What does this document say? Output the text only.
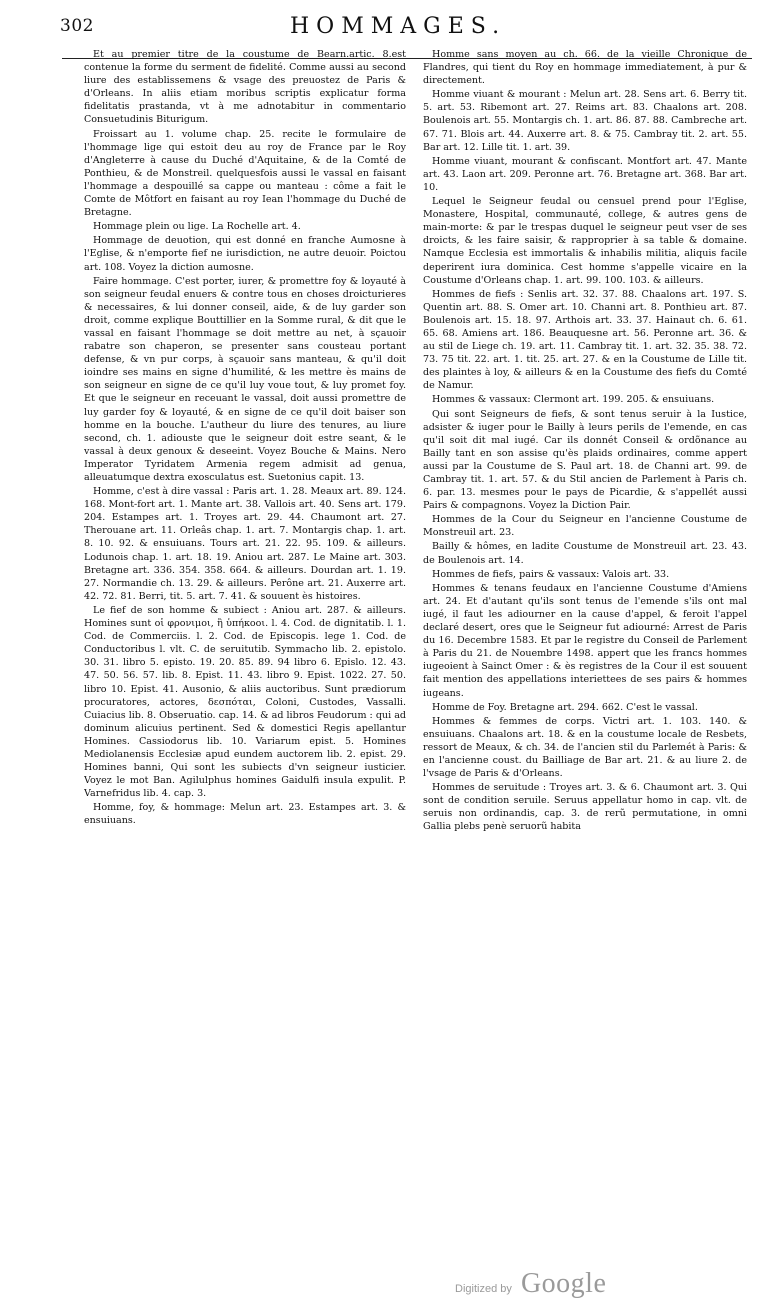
302	HOMMAGES.

Et au premier titre de la coustume de Bearn.artic. 8.est contenue la forme du serment de fidelité. Comme aussi au second liure des establissemens & vsage des preuostez de Paris & d'Orleans. In aliis etiam moribus scriptis explicatur forma fidelitatis prastanda, vt à me adnotabitur in commentario Consuetudinis Biturigum.

Froissart au 1. volume chap. 25. recite le formulaire de l'hommage lige qui estoit deu au roy de France par le Roy d'Angleterre à cause du Duché d'Aquitaine, & de la Comté de Ponthieu, & de Monstreil. quelquesfois aussi le vassal en faisant l'hommage a despouillé sa cappe ou manteau : côme a fait le Comte de Môtfort en faisant au roy Iean l'hommage du Duché de Bretagne.

Hommage plein ou lige. La Rochelle art. 4.

Hommage de deuotion, qui est donné en franche Aumosne à l'Eglise, & n'emporte fief ne iurisdiction, ne autre deuoir. Poictou art. 108. Voyez la diction aumosne.

Faire hommage. C'est porter, iurer, & promettre foy & loyauté à son seigneur feudal enuers & contre tous en choses droicturieres & necessaires, & lui donner conseil, aide, & de luy garder son droit, comme explique Bouttillier en la Somme rural, & dit que le vassal en faisant l'hommage se doit mettre au net, à sçauoir rabatre son chaperon, se presenter sans cousteau portant defense, & vn pur corps, à sçauoir sans manteau, & qu'il doit ioindre ses mains en signe d'humilité, & les mettre ès mains de son seigneur en signe de ce qu'il luy voue tout, & luy promet foy. Et que le seigneur en receuant le vassal, doit aussi promettre de luy garder foy & loyauté, & en signe de ce qu'il doit baiser son homme en la bouche. L'autheur du liure des tenures, au liure second, ch. 1. adiouste que le seigneur doit estre seant, & le vassal à deux genoux & deseeint. Voyez Bouche & Mains. Nero Imperator Tyridatem Armenia regem admisit ad genua, alleuatumque dextra exosculatus est. Suetonius capit. 13.

Homme, c'est à dire vassal : Paris art. 1. 28. Meaux art. 89. 124. 168. Mont-fort art. 1. Mante art. 38. Vallois art. 40. Sens art. 179. 204. Estampes art. 1. Troyes art. 29. 44. Chaumont art. 27. Therouane art. 11. Orleâs chap. 1. art. 7. Montargis chap. 1. art. 8. 10. 92. & ensuiuans. Tours art. 21. 22. 95. 109. & ailleurs. Lodunois chap. 1. art. 18. 19. Aniou art. 287. Le Maine art. 303. Bretagne art. 336. 354. 358. 664. & ailleurs. Dourdan art. 1. 19. 27. Normandie ch. 13. 29. & ailleurs. Perône art. 21. Auxerre art. 42. 72. 81. Berri, tit. 5. art. 7. 41. & souuent ès histoires.

Le fief de son homme & subiect : Aniou art. 287. & ailleurs. Homines sunt οἱ φρονιμοι, ἢ ὑπήκοοι. l. 4. Cod. de dignitatib. l. 1. Cod. de Commerciis. l. 2. Cod. de Episcopis. lege 1. Cod. de Conductoribus l. vlt. C. de seruitutib. Symmacho lib. 2. epistolo. 30. 31. libro 5. episto. 19. 20. 85. 89. 94 libro 6. Epislo. 12. 43. 47. 50. 56. 57. lib. 8. Epist. 11. 43. libro 9. Epist. 1022. 27. 50. libro 10. Epist. 41. Ausonio, & aliis auctoribus. Sunt prædiorum procuratores, actores, δεσπόται, Coloni, Custodes, Vassalli. Cuiacius lib. 8. Obseruatio. cap. 14. & ad libros Feudorum : qui ad dominum alicuius pertinent. Sed & domestici Regis apellantur Homines. Cassiodorus lib. 10. Variarum epist. 5. Homines Mediolanensis Ecclesiæ apud eundem auctorem lib. 2. epist. 29. Homines banni, Qui sont les subiects d'vn seigneur iusticier. Voyez le mot Ban. Agilulphus homines Gaidulfi insula expulit. P. Varnefridus lib. 4. cap. 3.

Homme, foy, & hommage: Melun art. 23. Estampes art. 3. & ensuiuans.

Homme sans moyen au ch. 66. de la vieille Chronique de Flandres, qui tient du Roy en hommage immediatement, à pur & directement.

Homme viuant & mourant : Melun art. 28. Sens art. 6. Berry tit. 5. art. 53. Ribemont art. 27. Reims art. 83. Chaalons art. 208. Boulenois art. 55. Montargis ch. 1. art. 86. 87. 88. Cambreche art. 67. 71. Blois art. 44. Auxerre art. 8. & 75. Cambray tit. 2. art. 55. Bar art. 12. Lille tit. 1. art. 39.

Homme viuant, mourant & confiscant. Montfort art. 47. Mante art. 43. Laon art. 209. Peronne art. 76. Bretagne art. 368. Bar art. 10.

Lequel le Seigneur feudal ou censuel prend pour l'Eglise, Monastere, Hospital, communauté, college, & autres gens de main-morte: & par le trespas duquel le seigneur peut vser de ses droicts, & les faire saisir, & rapproprier à sa table & domaine. Namque Ecclesia est immortalis & inhabilis militia, aliquis facile deperirent iura dominica. Cest homme s'appelle vicaire en la Coustume d'Orleans chap. 1. art. 99. 100. 103. & ailleurs.

Hommes de fiefs : Senlis art. 32. 37. 88. Chaalons art. 197. S. Quentin art. 88. S. Omer art. 10. Channi art. 8. Ponthieu art. 87. Boulenois art. 15. 18. 97. Arthois art. 33. 37. Hainaut ch. 6. 61. 65. 68. Amiens art. 186. Beauquesne art. 56. Peronne art. 36. & au stil de Liege ch. 19. art. 11. Cambray tit. 1. art. 32. 35. 38. 72. 73. 75 tit. 22. art. 1. tit. 25. art. 27. & en la Coustume de Lille tit. des plaintes à loy, & ailleurs & en la Coustume des fiefs du Comté de Namur.

Hommes & vassaux: Clermont art. 199. 205. & ensuiuans.

Qui sont Seigneurs de fiefs, & sont tenus seruir à la Iustice, adsister & iuger pour le Bailly à leurs perils de l'emende, en cas qu'il soit dit mal iugé. Car ils donnét Conseil & ordõnance au Bailly tant en son assise qu'ès plaids ordinaires, comme appert aussi par la Coustume de S. Paul art. 18. de Channi art. 99. de Cambray tit. 1. art. 57. & du Stil ancien de Parlement à Paris ch. 6. par. 13. mesmes pour le pays de Picardie, & s'appellét aussi Pairs & compagnons. Voyez la Diction Pair.

Hommes de la Cour du Seigneur en l'ancienne Coustume de Monstreuil art. 23.

Bailly & hômes, en ladite Coustume de Monstreuil art. 23. 43. de Boulenois art. 14.

Hommes de fiefs, pairs & vassaux: Valois art. 33.

Hommes & tenans feudaux en l'ancienne Coustume d'Amiens art. 24. Et d'autant qu'ils sont tenus de l'emende s'ils ont mal iugé, il faut les adiourner en la cause d'appel, & feroit l'appel declaré desert, ores que le Seigneur fut adiourné: Arrest de Paris du 16. Decembre 1583. Et par le registre du Conseil de Parlement à Paris du 21. de Nouembre 1498. appert que les francs hommes iugeoient à Sainct Omer : & ès registres de la Cour il est souuent fait mention des appellations interiettees de ses pairs & hommes iugeans.

Homme de Foy. Bretagne art. 294. 662. C'est le vassal.

Hommes & femmes de corps. Victri art. 1. 103. 140. & ensuiuans. Chaalons art. 18. & en la coustume locale de Resbets, ressort de Meaux, & ch. 34. de l'ancien stil du Parlemét à Paris: & en l'ancienne coust. du Bailliage de Bar art. 21. & au liure 2. de l'vsage de Paris & d'Orleans.

Hommes de seruitude : Troyes art. 3. & 6. Chaumont art. 3. Qui sont de condition seruile. Seruus appellatur homo in cap. vlt. de seruis non ordinandis, cap. 3. de rerũ permutatione, in omni Gallia plebs penè seruorũ habita

Digitized by Google
